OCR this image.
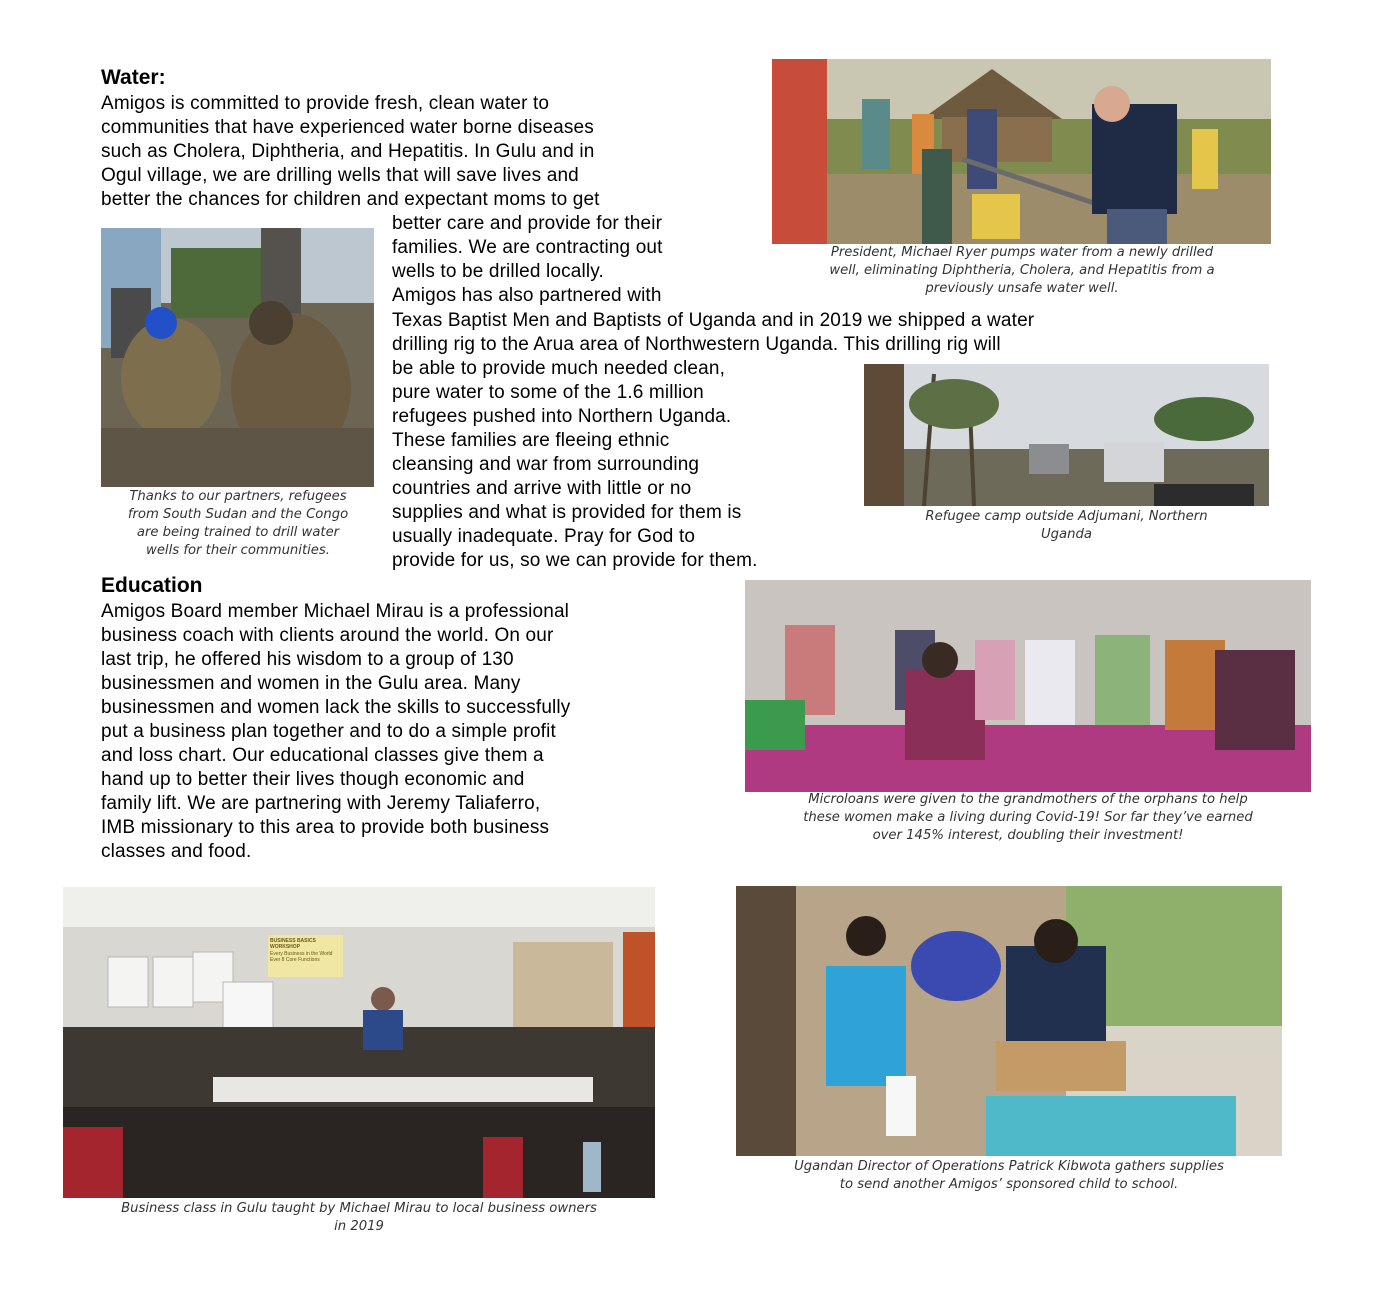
Water:
Amigos is committed to provide fresh, clean water to
communities that have experienced water borne diseases
such as Cholera, Diphtheria, and Hepatitis. In Gulu and in
Ogul village, we are drilling wells that will save lives and
better the chances for children and expectant moms to get
better care and provide for their
families. We are contracting out
wells to be drilled locally.
Amigos has also partnered with
Texas Baptist Men and Baptists of Uganda and in 2019 we shipped a water
drilling rig to the Arua area of Northwestern Uganda. This drilling rig will
be able to provide much needed clean,
pure water to some of the 1.6 million
refugees pushed into Northern Uganda.
These families are fleeing ethnic
cleansing and war from surrounding
countries and arrive with little or no
supplies and what is provided for them is
usually inadequate. Pray for God to
provide for us, so we can provide for them.
Education
Amigos Board member Michael Mirau is a professional
business coach with clients around the world. On our
last trip, he offered his wisdom to a group of 130
businessmen and women in the Gulu area. Many
businessmen and women lack the skills to successfully
put a business plan together and to do a simple profit
and loss chart. Our educational classes give them a
hand up to better their lives though economic and
family lift. We are partnering with Jeremy Taliaferro,
IMB missionary to this area to provide both business
classes and food.
President, Michael Ryer pumps water from a newly drilled
well, eliminating Diphtheria, Cholera, and Hepatitis from a
previously unsafe water well.
Thanks to our partners, refugees
from South Sudan and the Congo
are being trained to drill water
wells for their communities.
Refugee camp outside Adjumani, Northern
Uganda
Microloans were given to the grandmothers of the orphans to help
these women make a living during Covid-19! Sor far they’ve earned
over 145% interest, doubling their investment!
BUSINESS BASICS WORKSHOP
Every Business in the World Ever 8 Core Functions
Business class in Gulu taught by Michael Mirau to local business owners
in 2019
Ugandan Director of Operations Patrick Kibwota gathers supplies
to send another Amigos’ sponsored child to school.
